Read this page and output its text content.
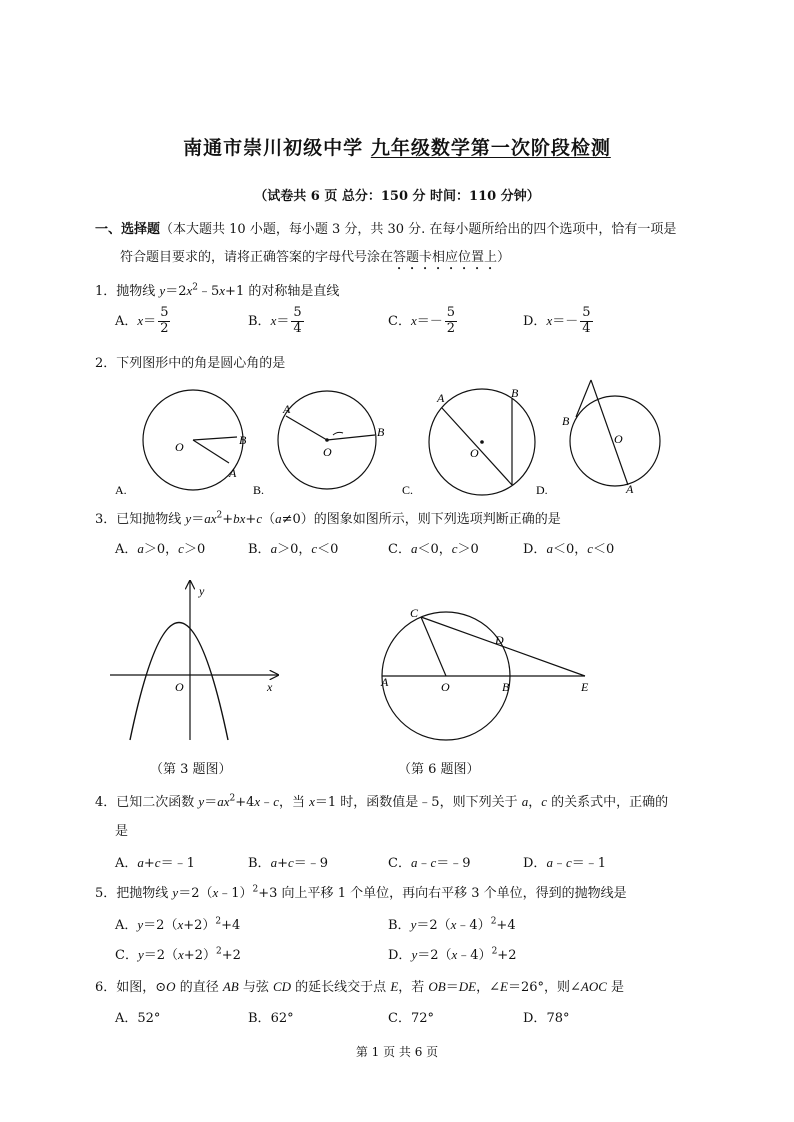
南通市崇川初级中学 九年级数学第一次阶段检测
（试卷共 6 页 总分：150 分 时间：110 分钟）
一、选择题（本大题共 10 小题，每小题 3 分，共 30 分. 在每小题所给出的四个选项中，恰有一项是
符合题目要求的，请将正确答案的字母代号涂在答题卡相应位置上）
1．抛物线 $y=2x^2﹣5x+1$ 的对称轴是直线
A．$x= \frac{5}{2}$	B．$x= \frac{5}{4}$	C．$x=- \frac{5}{2}$	D．$x=- \frac{5}{4}$
2．下列图形中的角是圆心角的是
O	B
A
A.
O
A
B
B.
O
A	B
C.
O
B
A
D.
3．已知抛物线 $y=ax^2+bx+c(a\ne 0)$的图象如图所示，则下列选项判断正确的是
A．a＞0，c＞0	B．a＞0，c＜0	C．a＜0，c＞0	D．a＜0，c＜0
y
x
O
（第 3 题图）
A	O	B
C
D
E
（第 6 题图）
4．已知二次函数 $y=ax^2+4x﹣c$，当 x＝1 时，函数值是﹣5，则下列关于 a，c 的关系式中，正确的
是
A．a+c＝﹣1	B．a+c＝﹣9	C．a﹣c＝﹣9	D．a﹣c＝﹣1
5．把抛物线 y＝2（x﹣1）$^2$+3 向上平移 1 个单位，再向右平移 3 个单位，得到的抛物线是
A．$y=2(x+2)^2+4$	B．y＝2（x﹣4）$^2$+4
C．$y=2(x+2)^2+2$	D．y＝2（x﹣4）$^2$+2
6．如图，⊙O 的直径 AB 与弦 CD 的延长线交于点 E，若 OB＝DE，∠E＝26°，则∠AOC 是
A．52°	B．62°	C．72°	D．78°
第 1 页 共 6 页
